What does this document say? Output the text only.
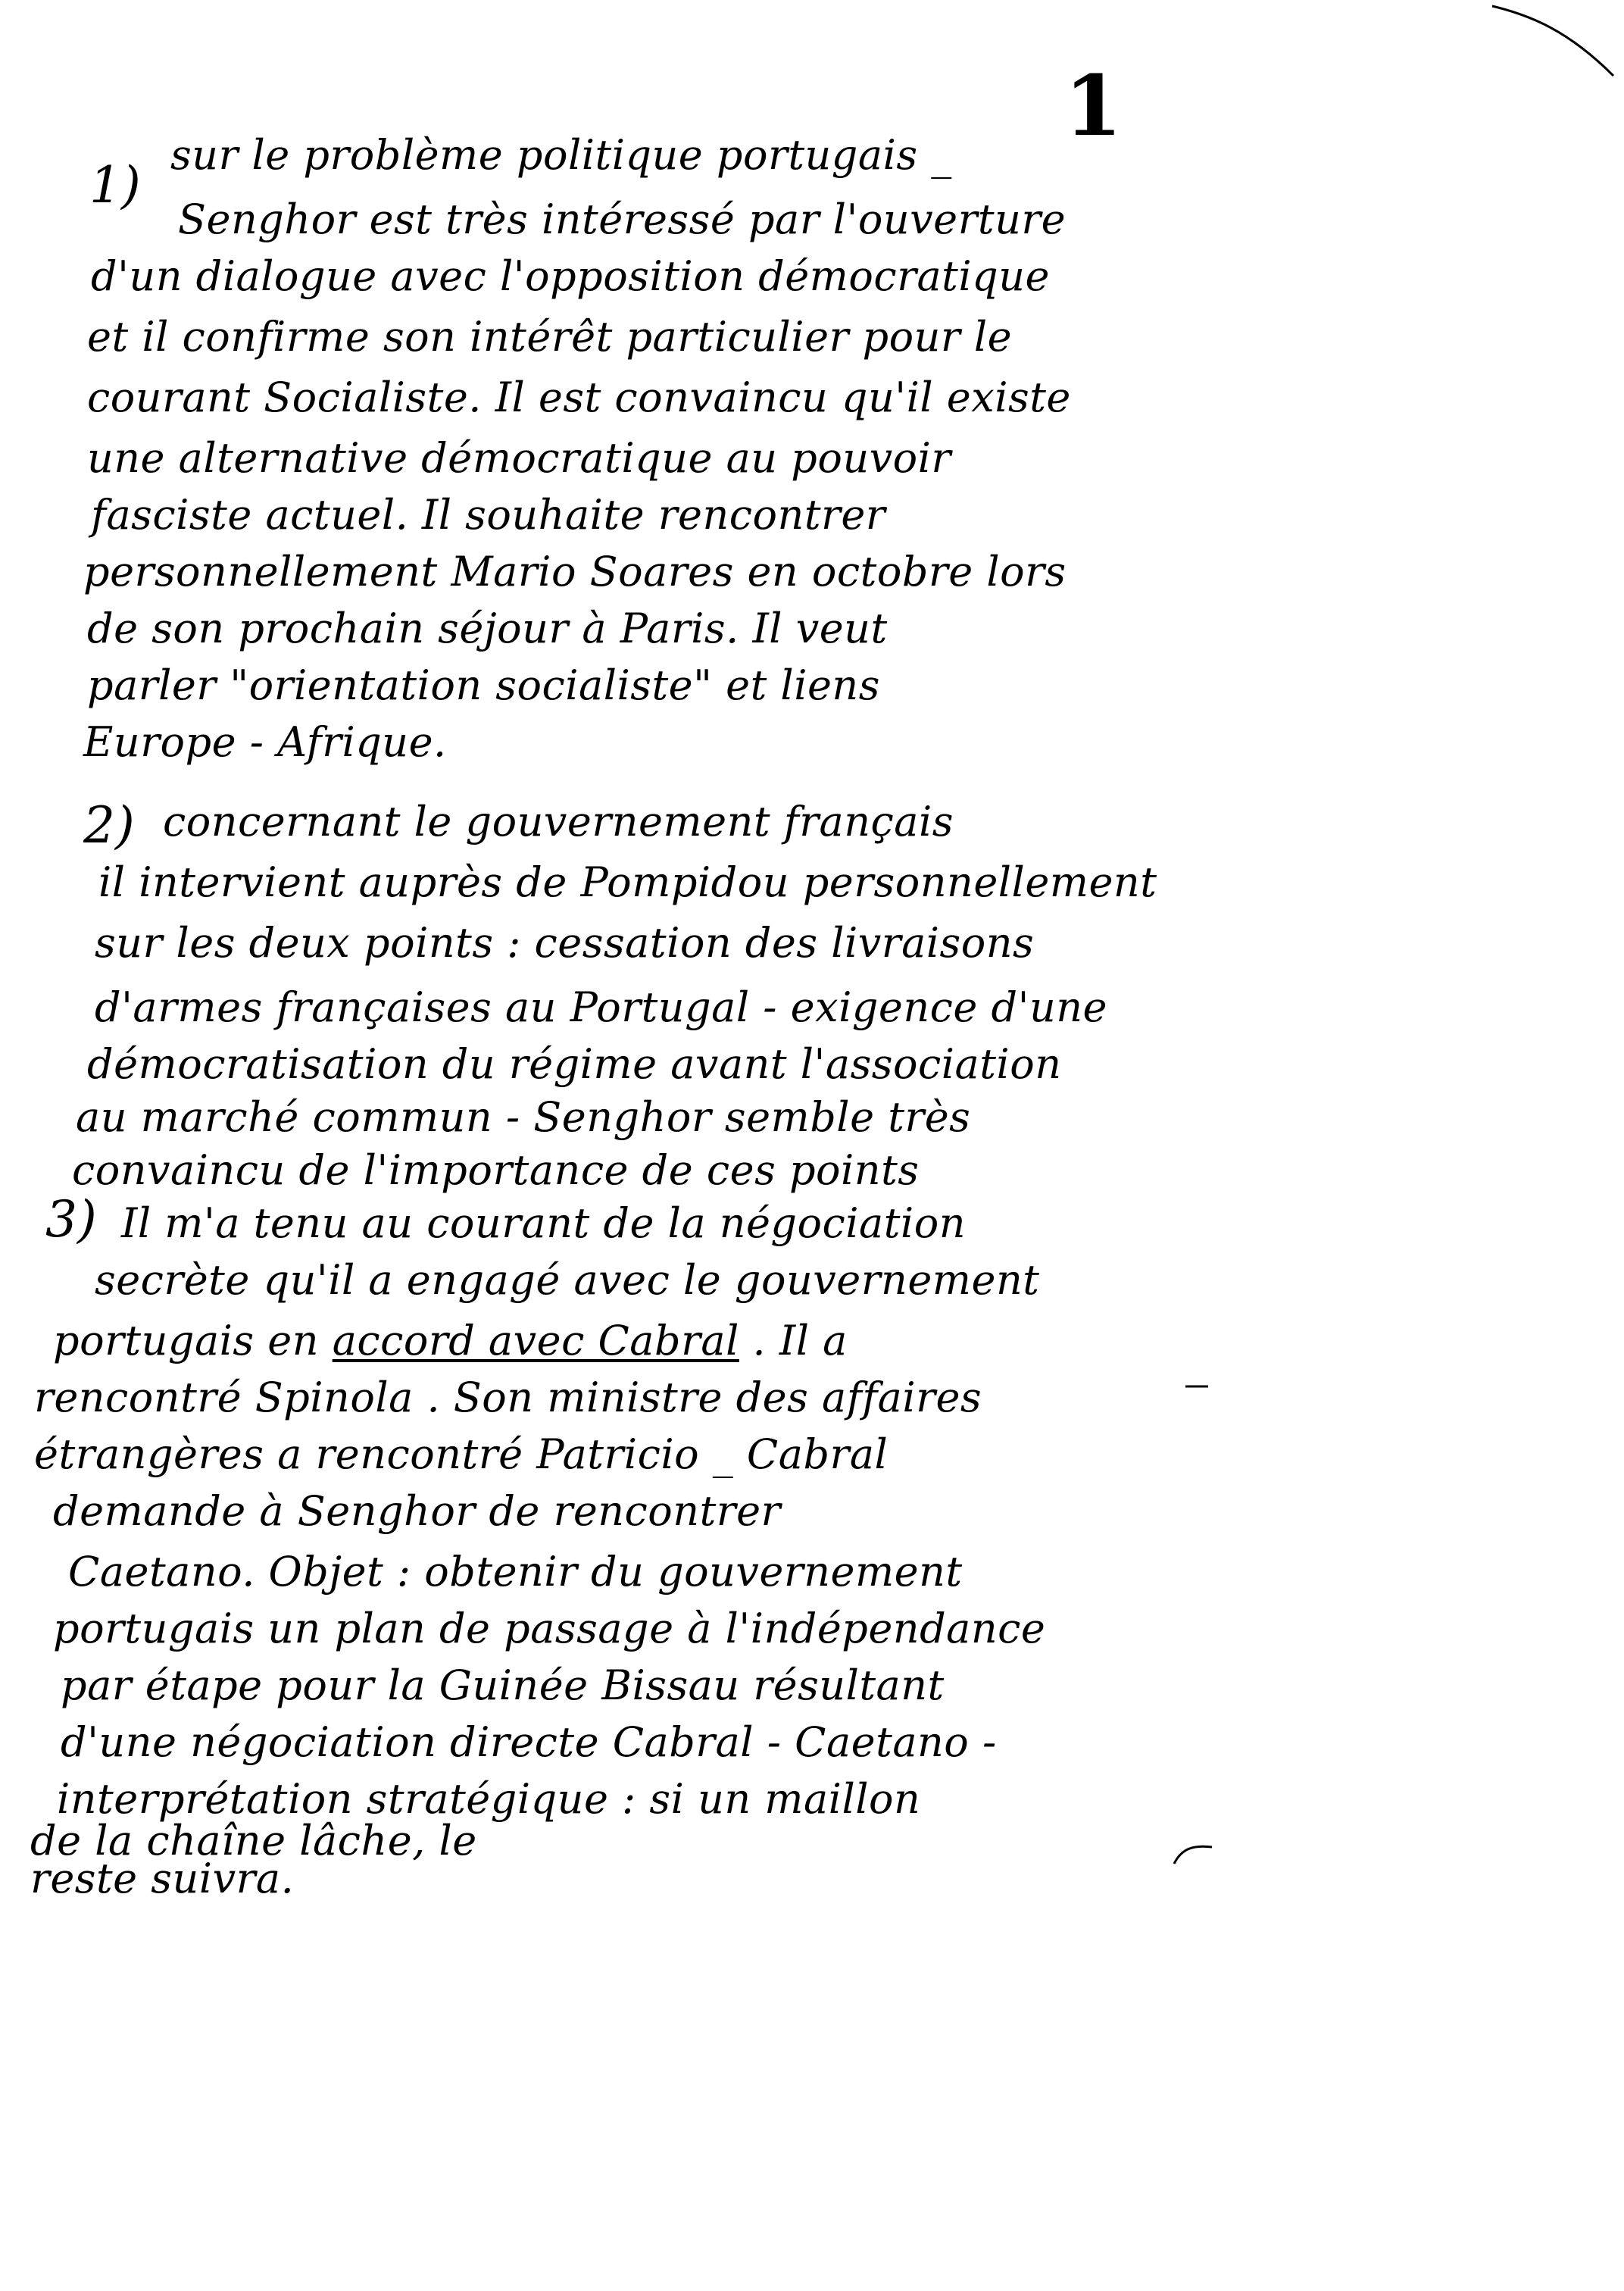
1
1)
sur le problème politique portugais _
Senghor est très intéressé par l'ouverture
d'un dialogue avec l'opposition démocratique
et il confirme son intérêt particulier pour le
courant Socialiste. Il est convaincu qu'il existe
une alternative démocratique au pouvoir
fasciste actuel. Il souhaite rencontrer
personnellement Mario Soares en octobre lors
de son prochain séjour à Paris. Il veut
parler "orientation socialiste" et liens
Europe - Afrique.
2) concernant le gouvernement français
il intervient auprès de Pompidou personnellement
sur les deux points : cessation des livraisons
d'armes françaises au Portugal - exigence d'une
démocratisation du régime avant l'association
au marché commun - Senghor semble très
convaincu de l'importance de ces points
3) Il m'a tenu au courant de la négociation
secrète qu'il a engagé avec le gouvernement
portugais en accord avec Cabral . Il a
rencontré Spinola . Son ministre des affaires
étrangères a rencontré Patricio _ Cabral
demande à Senghor de rencontrer
Caetano. Objet : obtenir du gouvernement
portugais un plan de passage à l'indépendance
par étape pour la Guinée Bissau résultant
d'une négociation directe Cabral - Caetano -
interprétation stratégique : si un maillon
de la chaîne lâche, le
reste suivra.
